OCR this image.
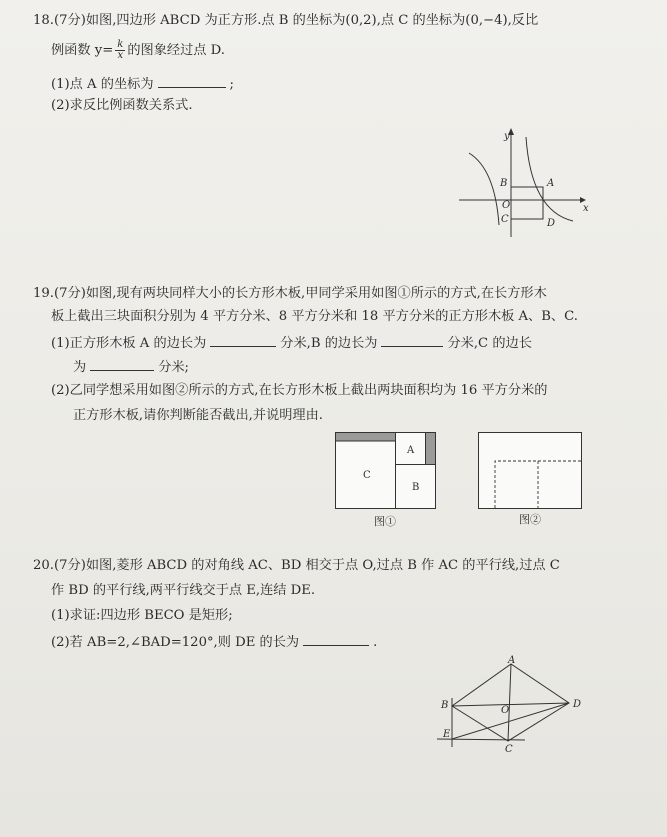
18.(7分)如图,四边形 ABCD 为正方形.点 B 的坐标为(0,2),点 C 的坐标为(0,−4),反比
例函数 $y= \frac{k}{x}$ 的图象经过点 D.
(1)点 A 的坐标为	;
(2)求反比例函数关系式.
y
x
B	A
O
C	D
19.(7分)如图,现有两块同样大小的长方形木板,甲同学采用如图①所示的方式,在长方形木
板上截出三块面积分别为 4 平方分米、8 平方分米和 18 平方分米的正方形木板 A、B、C.
(1)正方形木板 A 的边长为	分米,B 的边长为	分米,C 的边长
为	分米;
(2)乙同学想采用如图②所示的方式,在长方形木板上截出两块面积均为 16 平方分米的
正方形木板,请你判断能否截出,并说明理由.
C
A
B
图①	图②
20.(7分)如图,菱形 ABCD 的对角线 AC、BD 相交于点 O,过点 B 作 AC 的平行线,过点 C
作 BD 的平行线,两平行线交于点 E,连结 DE.
(1)求证:四边形 BECO 是矩形;
(2)若 AB=2,∠BAD=120°,则 DE 的长为	.
A
B	O
D
E
C
